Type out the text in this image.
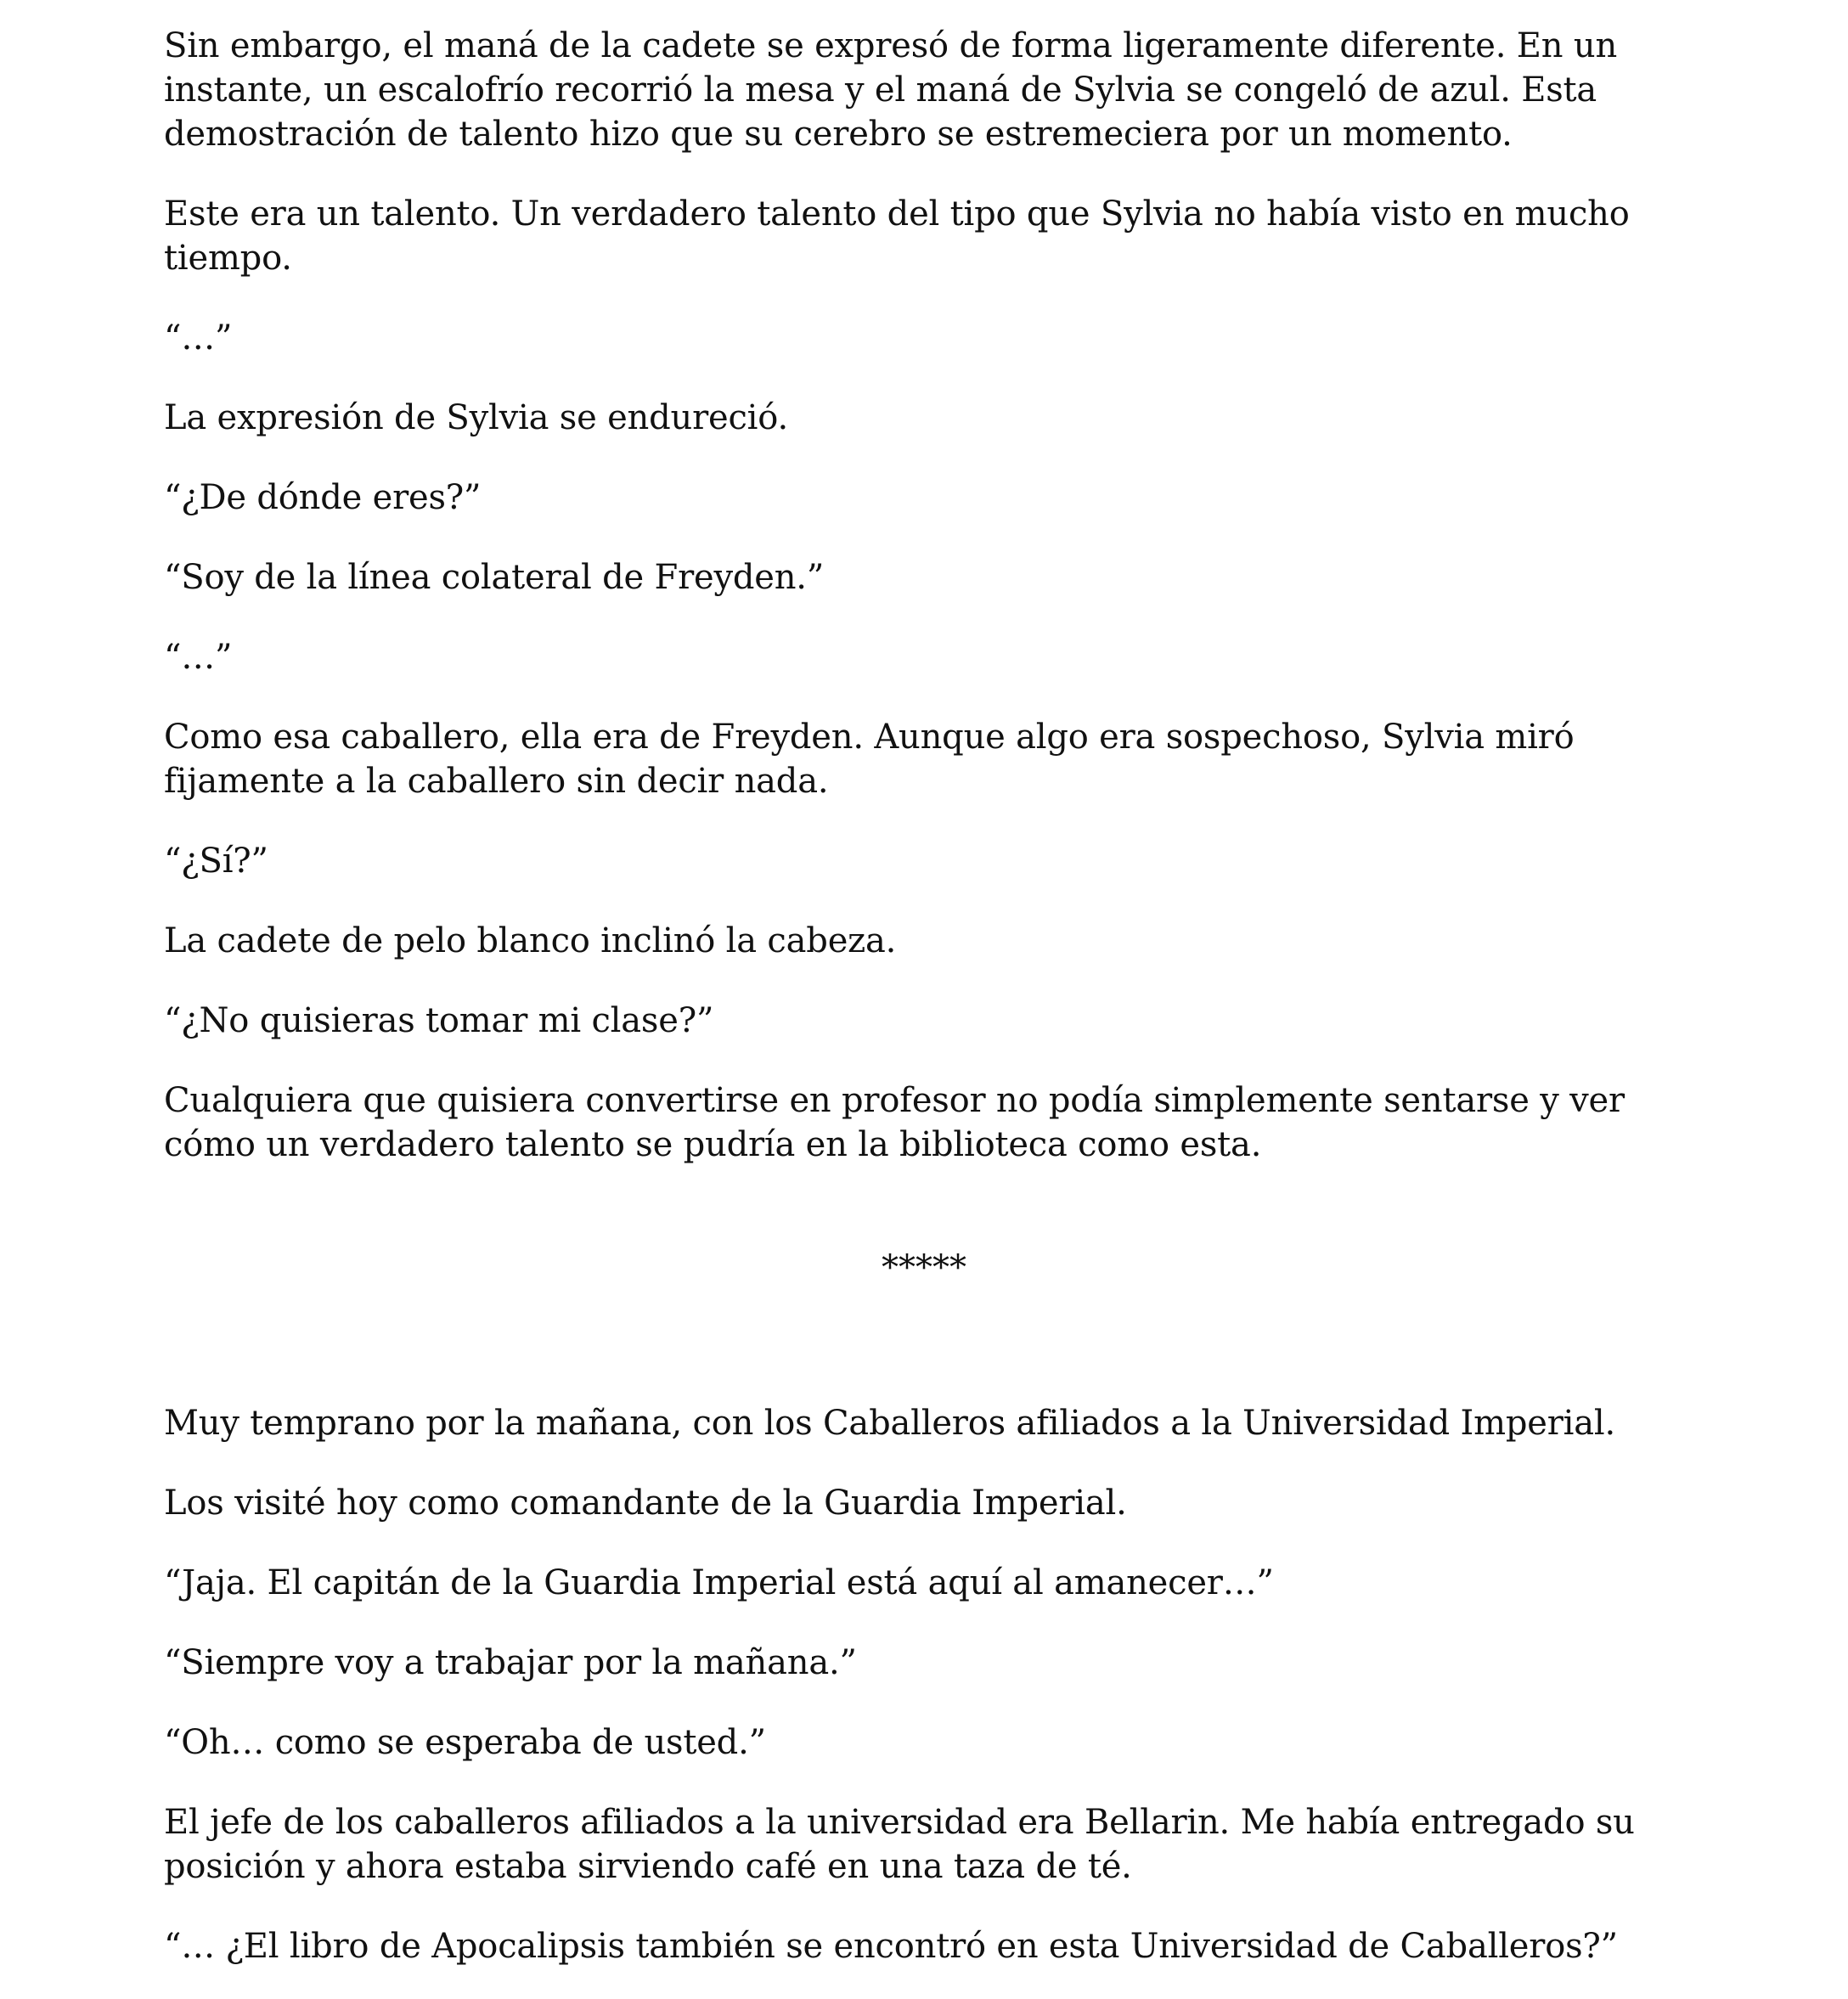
Sin embargo, el maná de la cadete se expresó de forma ligeramente diferente. En un instante, un escalofrío recorrió la mesa y el maná de Sylvia se congeló de azul. Esta demostración de talento hizo que su cerebro se estremeciera por un momento.

Este era un talento. Un verdadero talento del tipo que Sylvia no había visto en mucho tiempo.

“…”

La expresión de Sylvia se endureció.

“¿De dónde eres?”

“Soy de la línea colateral de Freyden.”

“…”

Como esa caballero, ella era de Freyden. Aunque algo era sospechoso, Sylvia miró fijamente a la caballero sin decir nada.

“¿Sí?”

La cadete de pelo blanco inclinó la cabeza.

“¿No quisieras tomar mi clase?”

Cualquiera que quisiera convertirse en profesor no podía simplemente sentarse y ver cómo un verdadero talento se pudría en la biblioteca como esta.

*****

Muy temprano por la mañana, con los Caballeros afiliados a la Universidad Imperial.

Los visité hoy como comandante de la Guardia Imperial.

“Jaja. El capitán de la Guardia Imperial está aquí al amanecer…”

“Siempre voy a trabajar por la mañana.”

“Oh… como se esperaba de usted.”

El jefe de los caballeros afiliados a la universidad era Bellarin. Me había entregado su posición y ahora estaba sirviendo café en una taza de té.

“… ¿El libro de Apocalipsis también se encontró en esta Universidad de Caballeros?”
